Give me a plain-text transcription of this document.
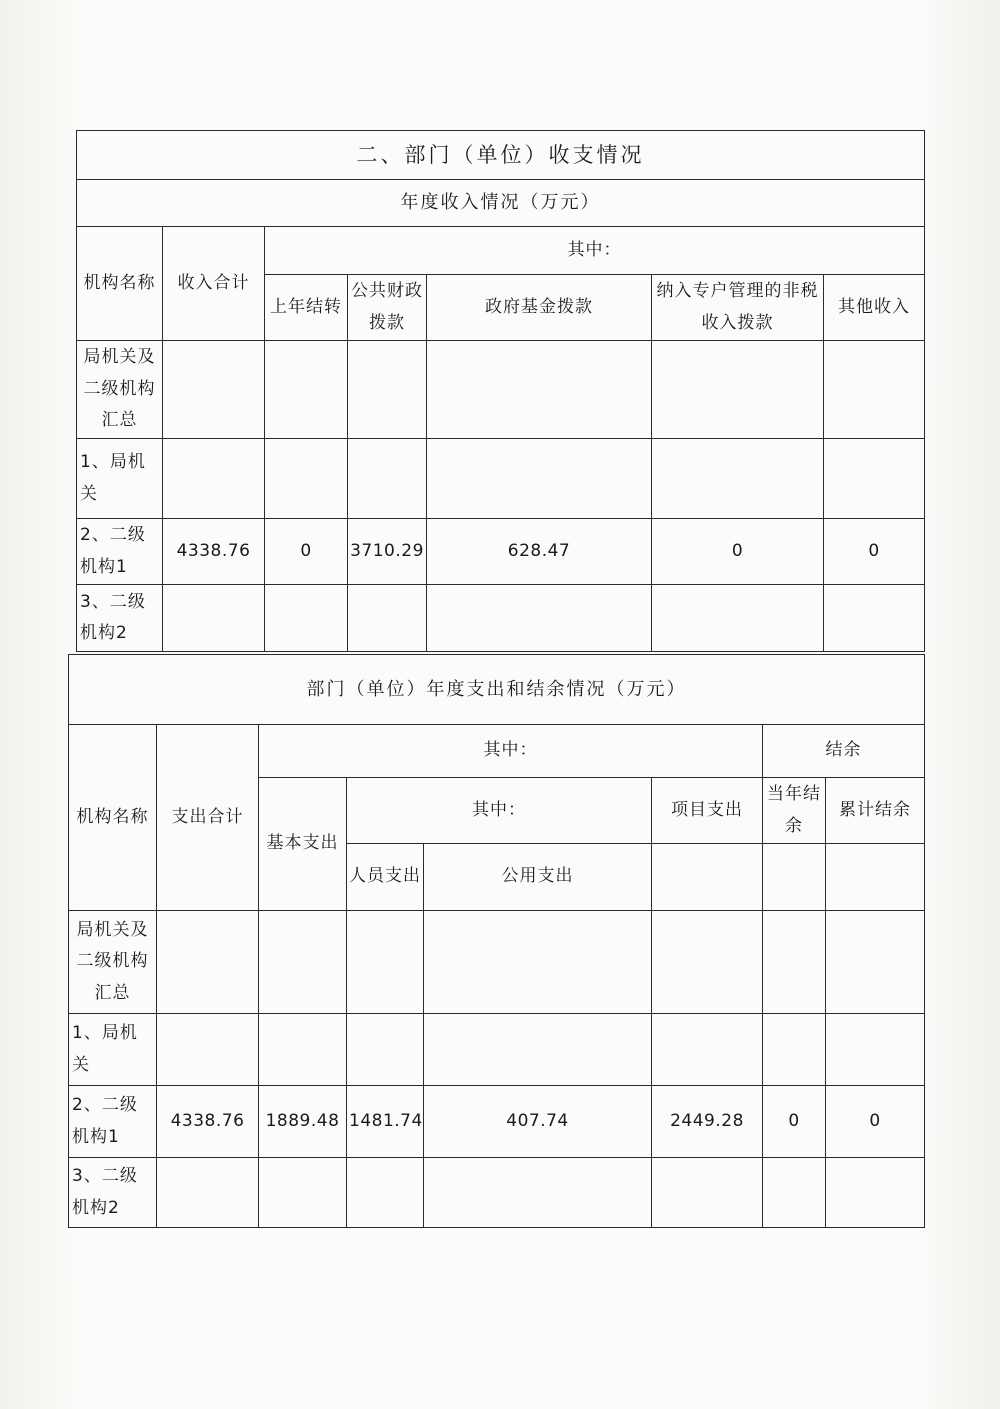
二、部门（单位）收支情况						
年度收入情况（万元）						
机构名称	收入合计	其中：				
		上年结转	公共财政拨款	政府基金拨款	纳入专户管理的非税收入拨款	其他收入
局机关及二级机构汇总						
1、局机关						
2、二级机构1	4338.76	0	3710.29	628.47	0	0
3、二级机构2						
部门（单位）年度支出和结余情况（万元）							
机构名称	支出合计	其中：				结余	
		基本支出	其中：		项目支出	当年结余	累计结余
			人员支出	公用支出			
局机关及二级机构汇总							
1、局机关							
2、二级机构1	4338.76	1889.48	1481.74	407.74	2449.28	0	0
3、二级机构2							
